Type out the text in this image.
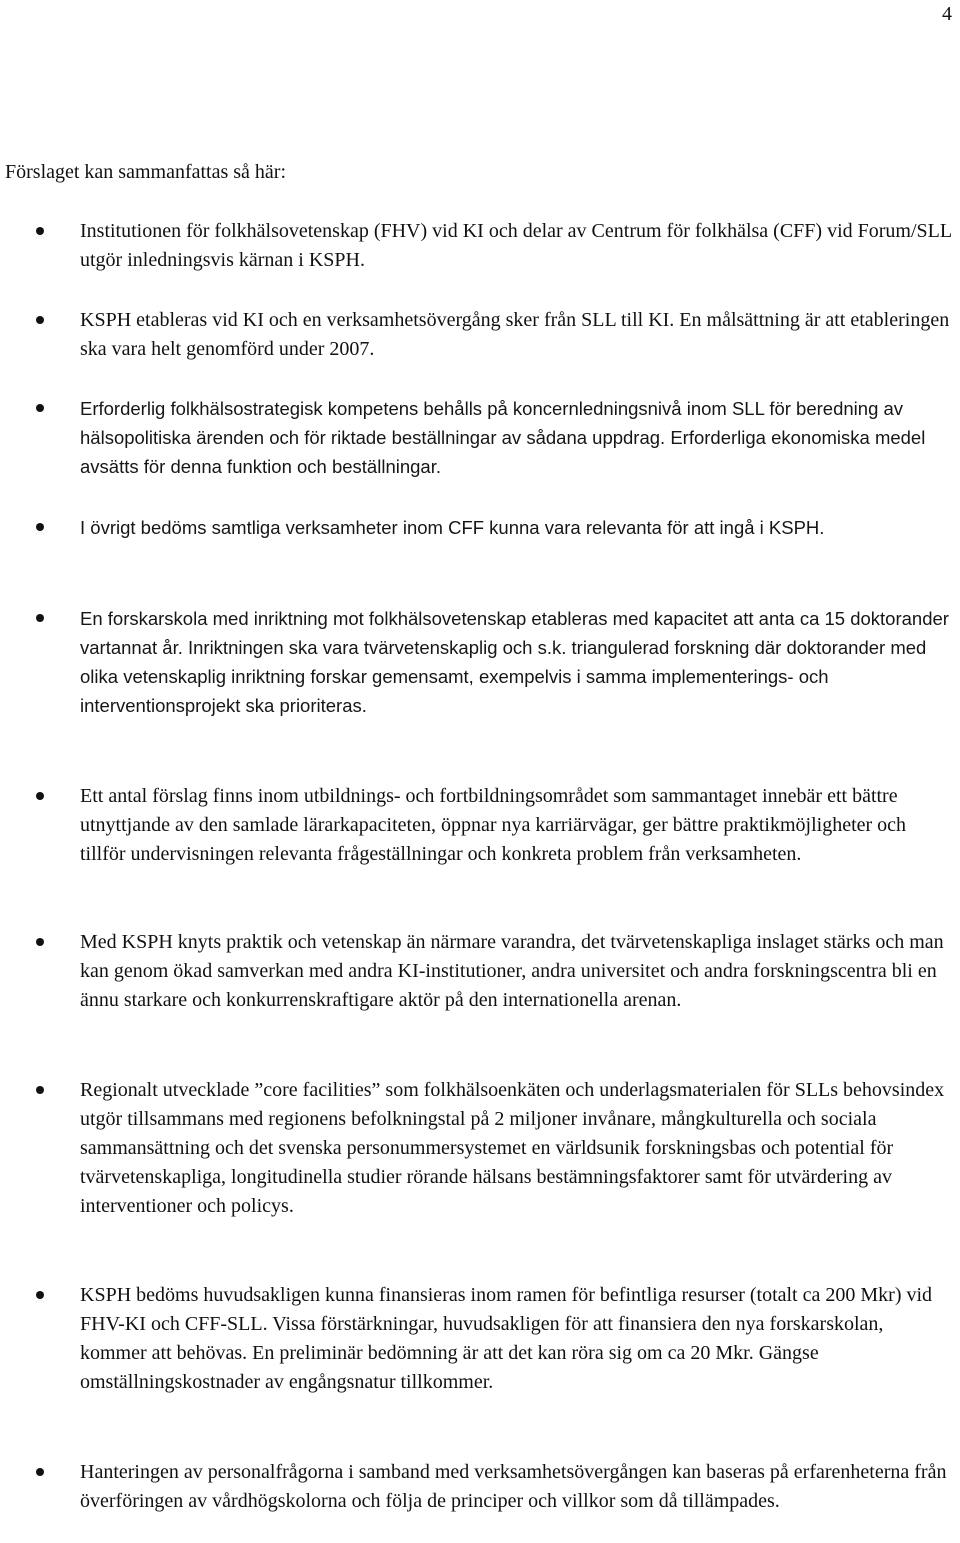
4

Förslaget kan sammanfattas så här:

Institutionen för folkhälsovetenskap (FHV) vid KI och delar av Centrum för folkhälsa (CFF) vid Forum/SLL utgör inledningsvis kärnan i KSPH.

KSPH etableras vid KI och en verksamhetsövergång sker från SLL till KI. En målsättning är att etableringen ska vara helt genomförd under 2007.

Erforderlig folkhälsostrategisk kompetens behålls på koncernledningsnivå inom SLL för beredning av hälsopolitiska ärenden och för riktade beställningar av sådana uppdrag. Erforderliga ekonomiska medel avsätts för denna funktion och beställningar.

I övrigt bedöms samtliga verksamheter inom CFF kunna vara relevanta för att ingå i KSPH.

En forskarskola med inriktning mot folkhälsovetenskap etableras med kapacitet att anta ca 15 doktorander vartannat år. Inriktningen ska vara tvärvetenskaplig och s.k. triangulerad forskning där doktorander med olika vetenskaplig inriktning forskar gemensamt, exempelvis i samma implementerings- och interventionsprojekt ska prioriteras.

Ett antal förslag finns inom utbildnings- och fortbildningsområdet som sammantaget innebär ett bättre utnyttjande av den samlade lärarkapaciteten, öppnar nya karriärvägar, ger bättre praktikmöjligheter och tillför undervisningen relevanta frågeställningar och konkreta problem från verksamheten.

Med KSPH knyts praktik och vetenskap än närmare varandra, det tvärvetenskapliga inslaget stärks och man kan genom ökad samverkan med andra KI-institutioner, andra universitet och andra forskningscentra bli en ännu starkare och konkurrenskraftigare aktör på den internationella arenan.

Regionalt utvecklade ”core facilities” som folkhälsoenkäten och underlagsmaterialen för SLLs behovsindex utgör tillsammans med regionens befolkningstal på 2 miljoner invånare, mångkulturella och sociala sammansättning och det svenska personummersystemet en världsunik forskningsbas och potential för tvärvetenskapliga, longitudinella studier rörande hälsans bestämningsfaktorer samt för utvärdering av interventioner och policys.

KSPH bedöms huvudsakligen kunna finansieras inom ramen för befintliga resurser (totalt ca 200 Mkr) vid FHV-KI och CFF-SLL. Vissa förstärkningar, huvudsakligen för att finansiera den nya forskarskolan, kommer att behövas. En preliminär bedömning är att det kan röra sig om ca 20 Mkr. Gängse omställningskostnader av engångsnatur tillkommer.

Hanteringen av personalfrågorna i samband med verksamhetsövergången kan baseras på erfarenheterna från överföringen av vårdhögskolorna och följa de principer och villkor som då tillämpades.
